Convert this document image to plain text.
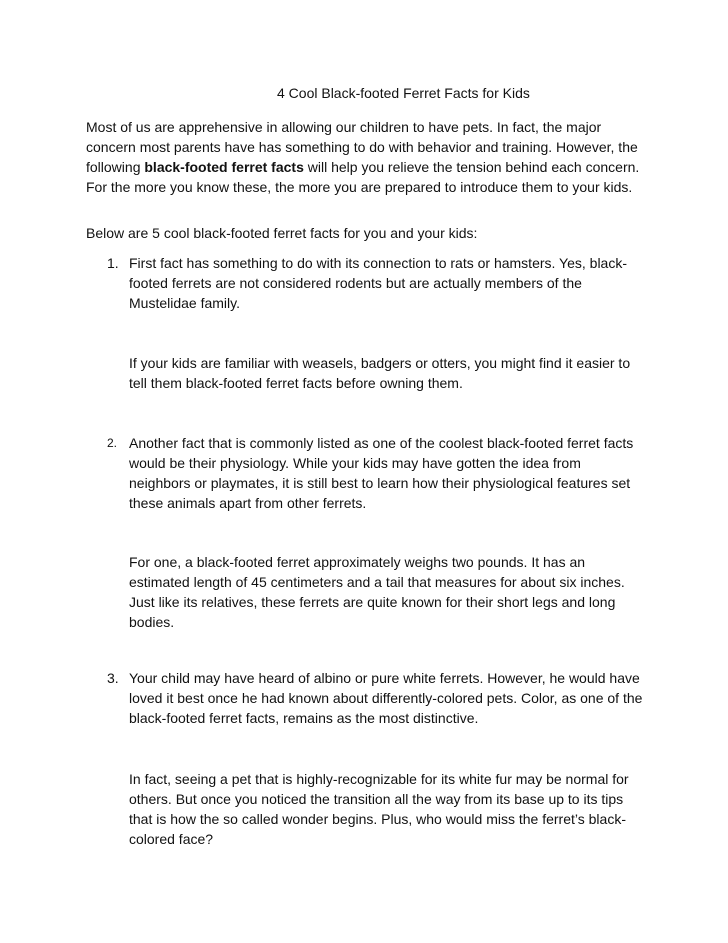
4 Cool Black-footed Ferret Facts for Kids

Most of us are apprehensive in allowing our children to have pets. In fact, the major concern most parents have has something to do with behavior and training. However, the following black-footed ferret facts will help you relieve the tension behind each concern. For the more you know these, the more you are prepared to introduce them to your kids.

Below are 5 cool black-footed ferret facts for you and your kids:

1. First fact has something to do with its connection to rats or hamsters. Yes, black-footed ferrets are not considered rodents but are actually members of the Mustelidae family.

If your kids are familiar with weasels, badgers or otters, you might find it easier to tell them black-footed ferret facts before owning them.

2. Another fact that is commonly listed as one of the coolest black-footed ferret facts would be their physiology. While your kids may have gotten the idea from neighbors or playmates, it is still best to learn how their physiological features set these animals apart from other ferrets.

For one, a black-footed ferret approximately weighs two pounds. It has an estimated length of 45 centimeters and a tail that measures for about six inches. Just like its relatives, these ferrets are quite known for their short legs and long bodies.

3. Your child may have heard of albino or pure white ferrets. However, he would have loved it best once he had known about differently-colored pets. Color, as one of the black-footed ferret facts, remains as the most distinctive.

In fact, seeing a pet that is highly-recognizable for its white fur may be normal for others. But once you noticed the transition all the way from its base up to its tips that is how the so called wonder begins. Plus, who would miss the ferret’s black-colored face?
